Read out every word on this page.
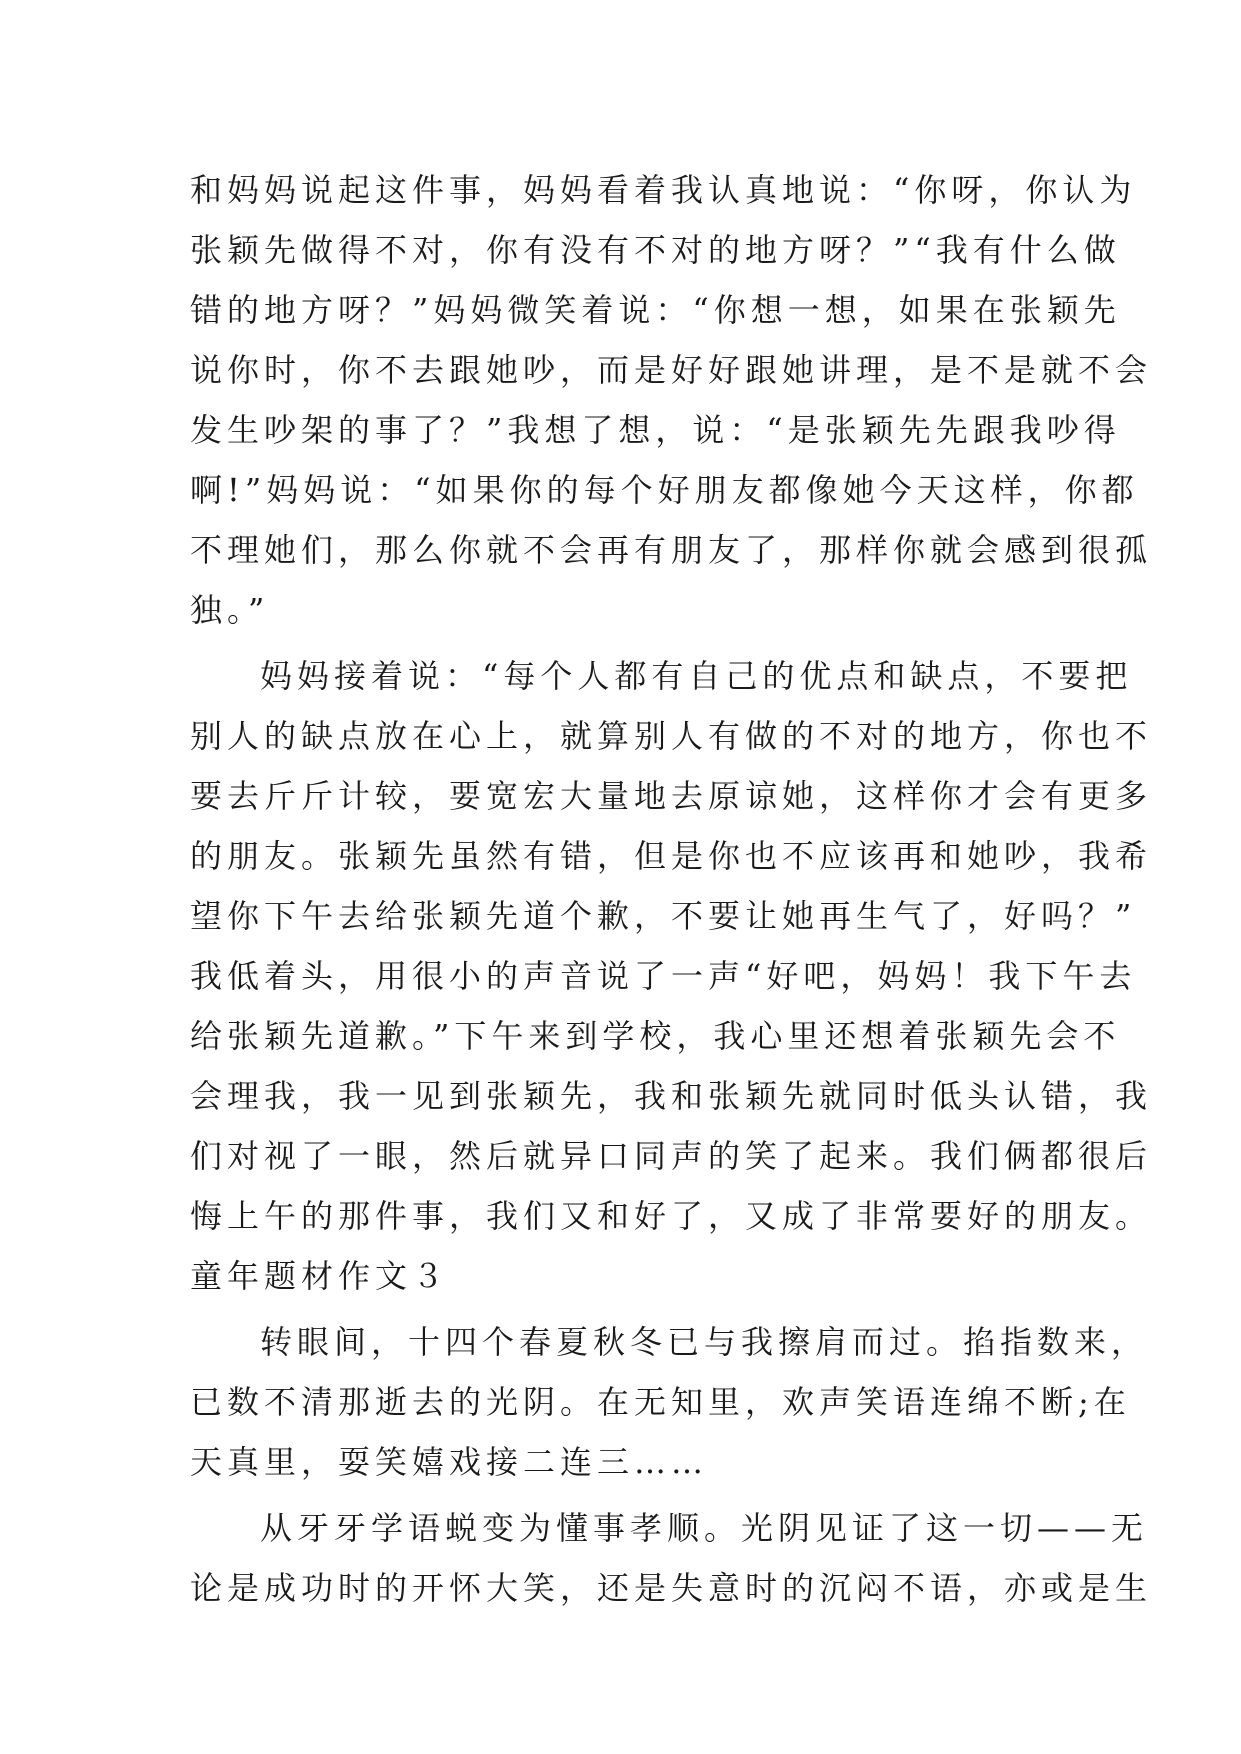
和妈妈说起这件事，妈妈看着我认真地说：“你呀，你认为
张颖先做得不对，你有没有不对的地方呀？”“我有什么做
错的地方呀？”妈妈微笑着说：“你想一想，如果在张颖先
说你时，你不去跟她吵，而是好好跟她讲理，是不是就不会
发生吵架的事了？”我想了想，说：“是张颖先先跟我吵得
啊!”妈妈说：“如果你的每个好朋友都像她今天这样，你都
不理她们，那么你就不会再有朋友了，那样你就会感到很孤
独。”
妈妈接着说：“每个人都有自己的优点和缺点，不要把
别人的缺点放在心上，就算别人有做的不对的地方，你也不
要去斤斤计较，要宽宏大量地去原谅她，这样你才会有更多
的朋友。张颖先虽然有错，但是你也不应该再和她吵，我希
望你下午去给张颖先道个歉，不要让她再生气了，好吗？”
我低着头，用很小的声音说了一声“好吧，妈妈！我下午去
给张颖先道歉。”下午来到学校，我心里还想着张颖先会不
会理我，我一见到张颖先，我和张颖先就同时低头认错，我
们对视了一眼，然后就异口同声的笑了起来。我们俩都很后
悔上午的那件事，我们又和好了，又成了非常要好的朋友。
童年题材作文３
转眼间，十四个春夏秋冬已与我擦肩而过。掐指数来，
已数不清那逝去的光阴。在无知里，欢声笑语连绵不断;在
天真里，耍笑嬉戏接二连三……
从牙牙学语蜕变为懂事孝顺。光阴见证了这一切——无
论是成功时的开怀大笑，还是失意时的沉闷不语，亦或是生
